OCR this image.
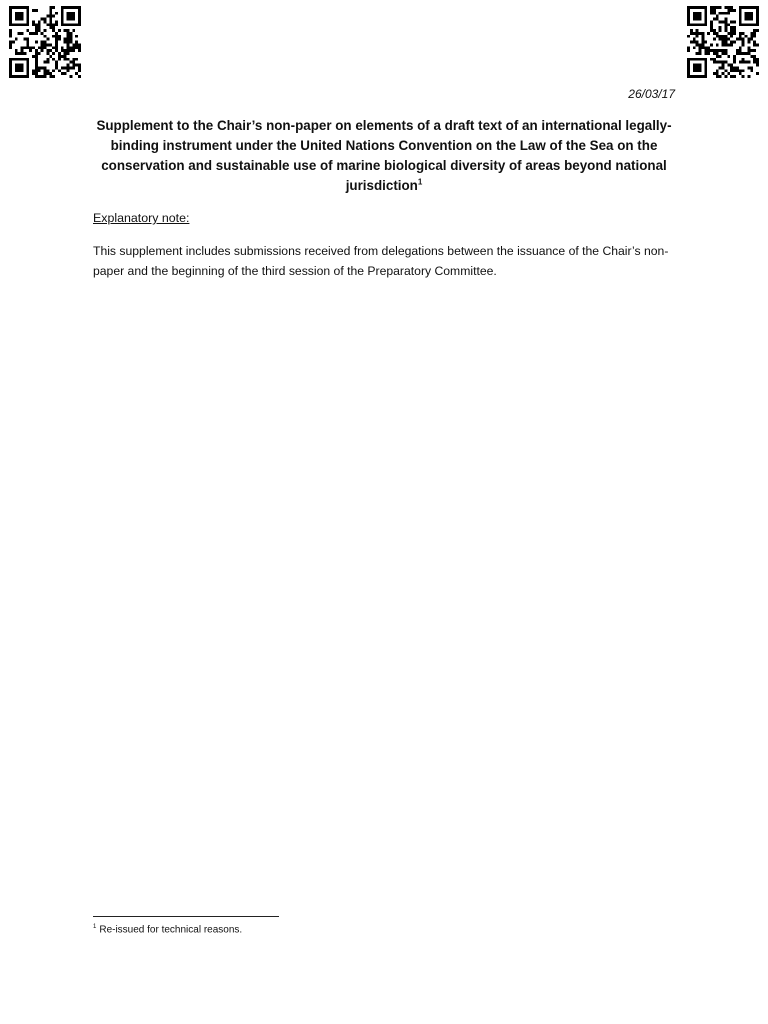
26/03/17
Supplement to the Chair’s non-paper on elements of a draft text of an international legally-binding instrument under the United Nations Convention on the Law of the Sea on the conservation and sustainable use of marine biological diversity of areas beyond national jurisdiction$^1$
Explanatory note:
This supplement includes submissions received from delegations between the issuance of the Chair’s non-paper and the beginning of the third session of the Preparatory Committee.
$^1$ Re-issued for technical reasons.
